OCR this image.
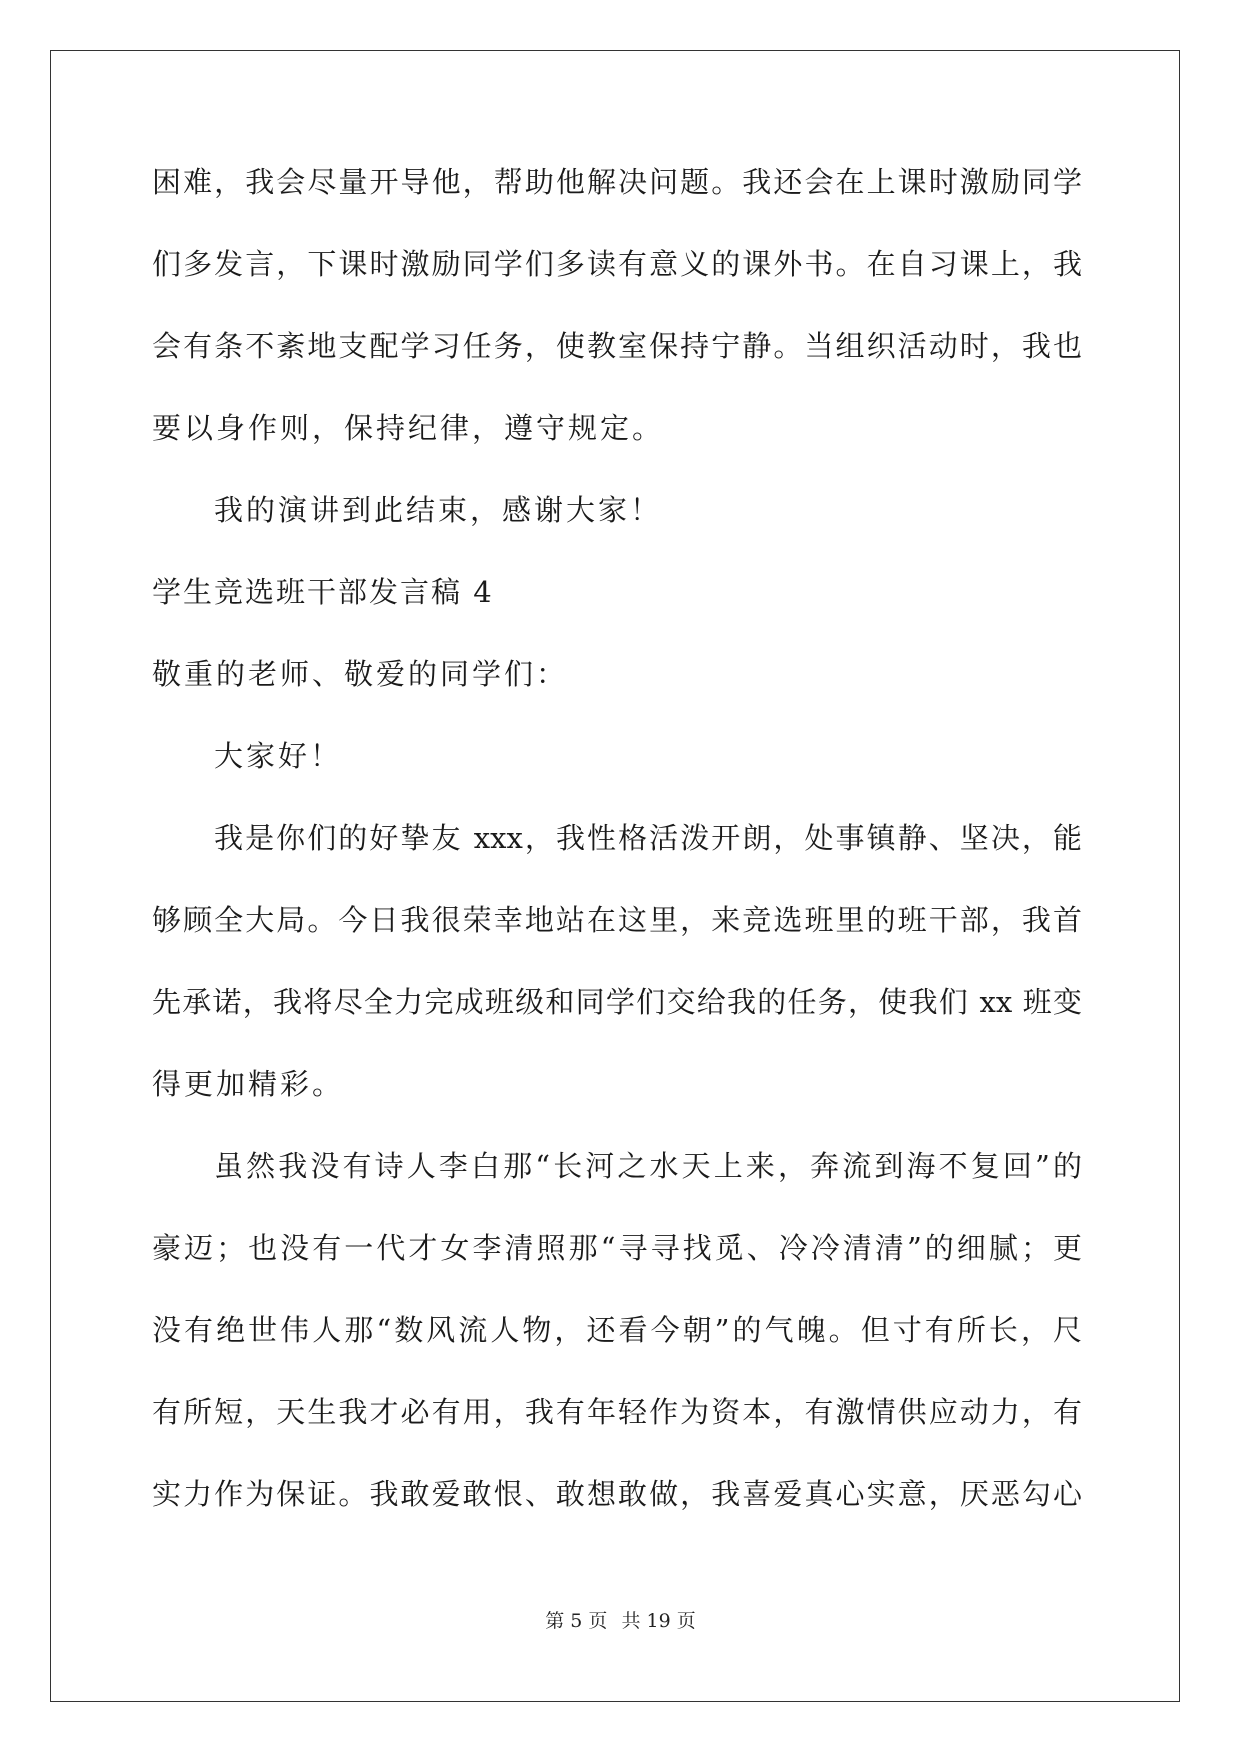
困难，我会尽量开导他，帮助他解决问题。我还会在上课时激励同学
们多发言，下课时激励同学们多读有意义的课外书。在自习课上，我
会有条不紊地支配学习任务，使教室保持宁静。当组织活动时，我也
要以身作则，保持纪律，遵守规定。
我的演讲到此结束，感谢大家！
学生竞选班干部发言稿 4
敬重的老师、敬爱的同学们：
大家好！
我是你们的好挚友 xxx，我性格活泼开朗，处事镇静、坚决，能
够顾全大局。今日我很荣幸地站在这里，来竞选班里的班干部，我首
先承诺，我将尽全力完成班级和同学们交给我的任务，使我们 xx 班变
得更加精彩。
虽然我没有诗人李白那“长河之水天上来，奔流到海不复回”的
豪迈；也没有一代才女李清照那“寻寻找觅、冷冷清清”的细腻；更
没有绝世伟人那“数风流人物，还看今朝”的气魄。但寸有所长，尺
有所短，天生我才必有用，我有年轻作为资本，有激情供应动力，有
实力作为保证。我敢爱敢恨、敢想敢做，我喜爱真心实意，厌恶勾心
第 5 页 共 19 页
